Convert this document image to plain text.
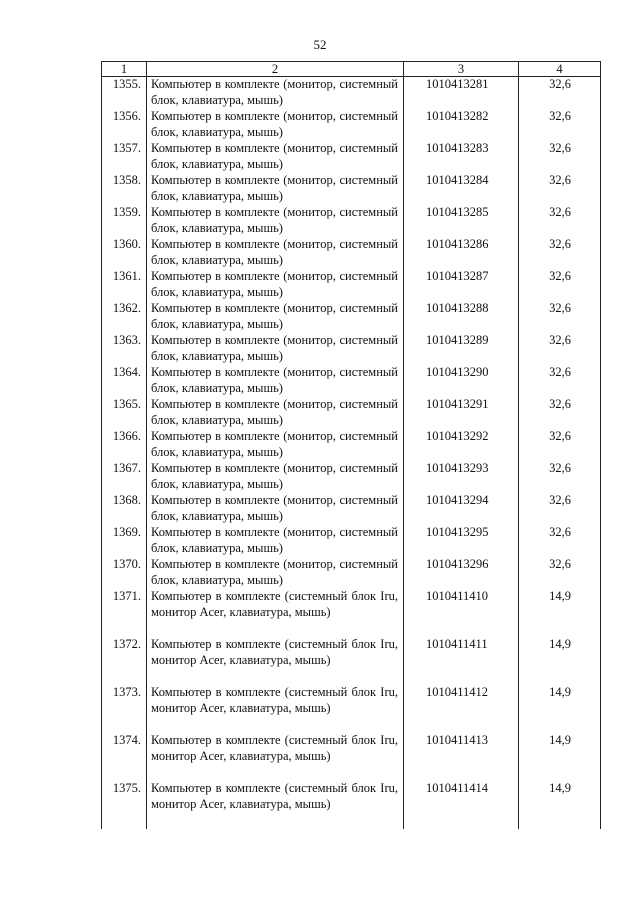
52
1	2	3	4
1355.	Компьютер в комплекте (монитор, системный блок, клавиатура, мышь)	1010413281	32,6
1356.	Компьютер в комплекте (монитор, системный блок, клавиатура, мышь)	1010413282	32,6
1357.	Компьютер в комплекте (монитор, системный блок, клавиатура, мышь)	1010413283	32,6
1358.	Компьютер в комплекте (монитор, системный блок, клавиатура, мышь)	1010413284	32,6
1359.	Компьютер в комплекте (монитор, системный блок, клавиатура, мышь)	1010413285	32,6
1360.	Компьютер в комплекте (монитор, системный блок, клавиатура, мышь)	1010413286	32,6
1361.	Компьютер в комплекте (монитор, системный блок, клавиатура, мышь)	1010413287	32,6
1362.	Компьютер в комплекте (монитор, системный блок, клавиатура, мышь)	1010413288	32,6
1363.	Компьютер в комплекте (монитор, системный блок, клавиатура, мышь)	1010413289	32,6
1364.	Компьютер в комплекте (монитор, системный блок, клавиатура, мышь)	1010413290	32,6
1365.	Компьютер в комплекте (монитор, системный блок, клавиатура, мышь)	1010413291	32,6
1366.	Компьютер в комплекте (монитор, системный блок, клавиатура, мышь)	1010413292	32,6
1367.	Компьютер в комплекте (монитор, системный блок, клавиатура, мышь)	1010413293	32,6
1368.	Компьютер в комплекте (монитор, системный блок, клавиатура, мышь)	1010413294	32,6
1369.	Компьютер в комплекте (монитор, системный блок, клавиатура, мышь)	1010413295	32,6
1370.	Компьютер в комплекте (монитор, системный блок, клавиатура, мышь)	1010413296	32,6
1371.	Компьютер в комплекте (системный блок Iru, монитор Acer, клавиатура, мышь)	1010411410	14,9
1372.	Компьютер в комплекте (системный блок Iru, монитор Acer, клавиатура, мышь)	1010411411	14,9
1373.	Компьютер в комплекте (системный блок Iru, монитор Acer, клавиатура, мышь)	1010411412	14,9
1374.	Компьютер в комплекте (системный блок Iru, монитор Acer, клавиатура, мышь)	1010411413	14,9
1375.	Компьютер в комплекте (системный блок Iru, монитор Acer, клавиатура, мышь)	1010411414	14,9
